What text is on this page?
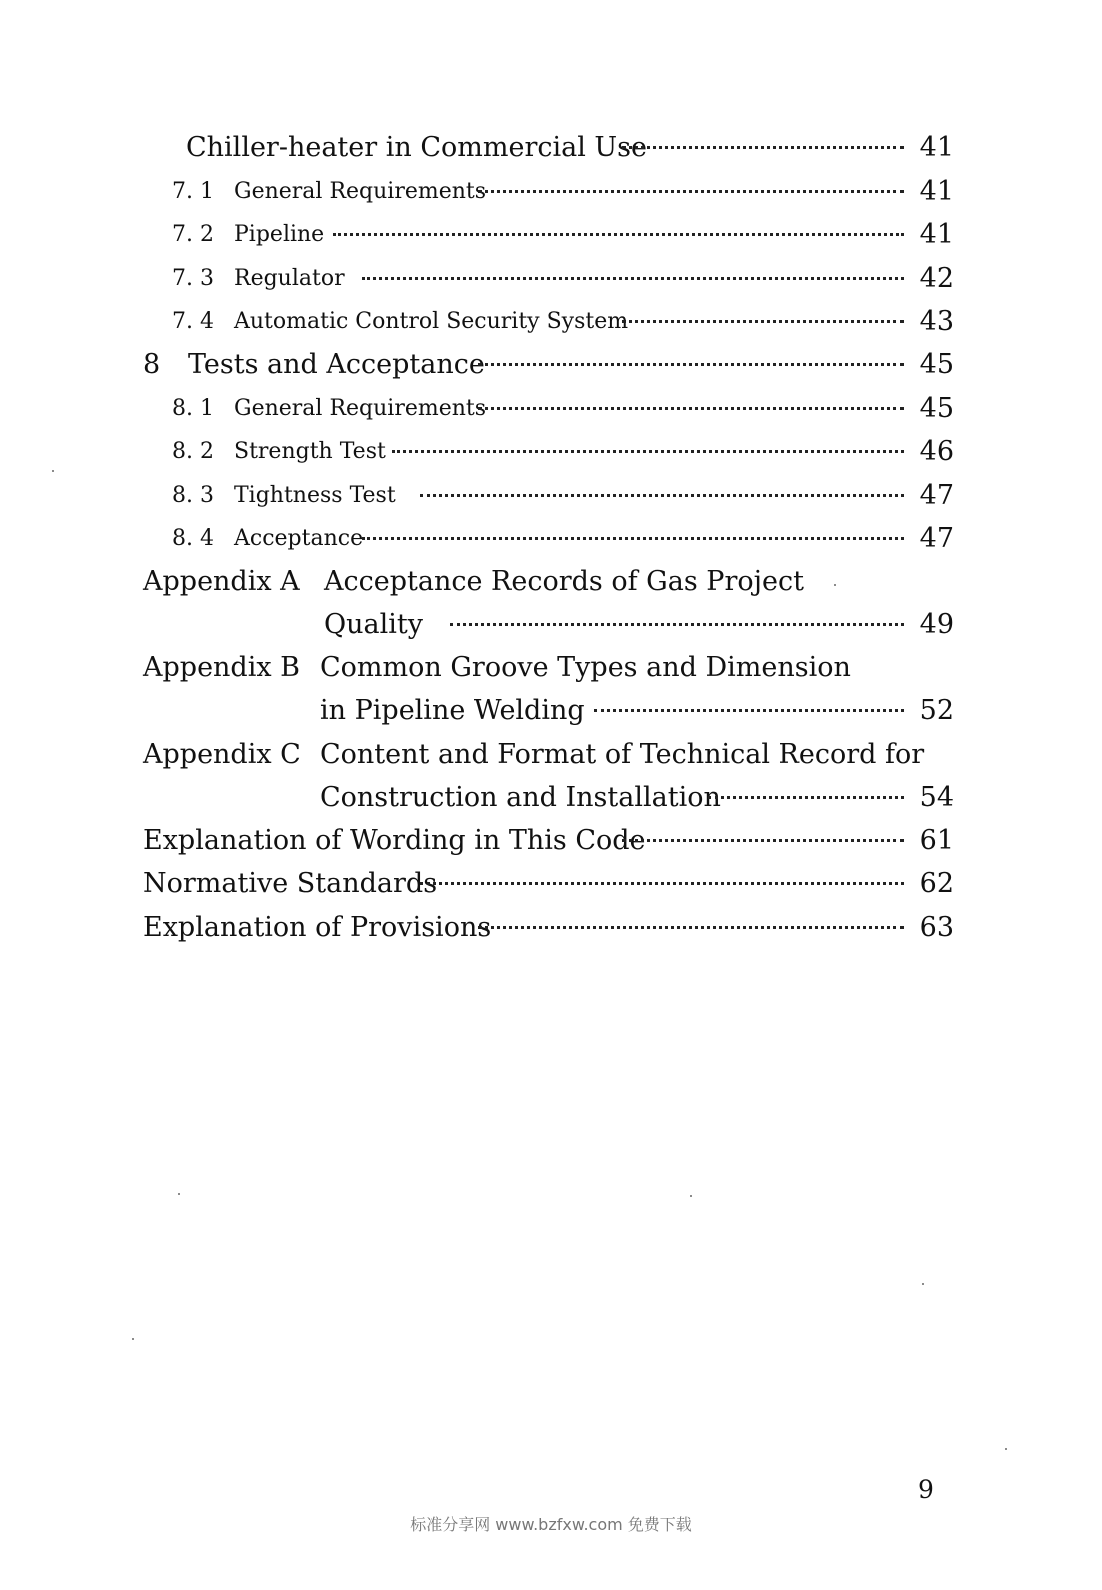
Chiller-heater in Commercial Use	41
7. 1 General Requirements	41
7. 2 Pipeline	41
7. 3 Regulator	42
7. 4 Automatic Control Security System	43
8 Tests and Acceptance	45
8. 1 General Requirements	45
8. 2 Strength Test	46
8. 3 Tightness Test	47
8. 4 Acceptance	47
Appendix A Acceptance Records of Gas Project
Quality	49
Appendix B Common Groove Types and Dimension
in Pipeline Welding	52
Appendix C Content and Format of Technical Record for
Construction and Installation	54
Explanation of Wording in This Code	61
Normative Standards	62
Explanation of Provisions	63
9
标准分享网 www.bzfxw.com 免费下载
